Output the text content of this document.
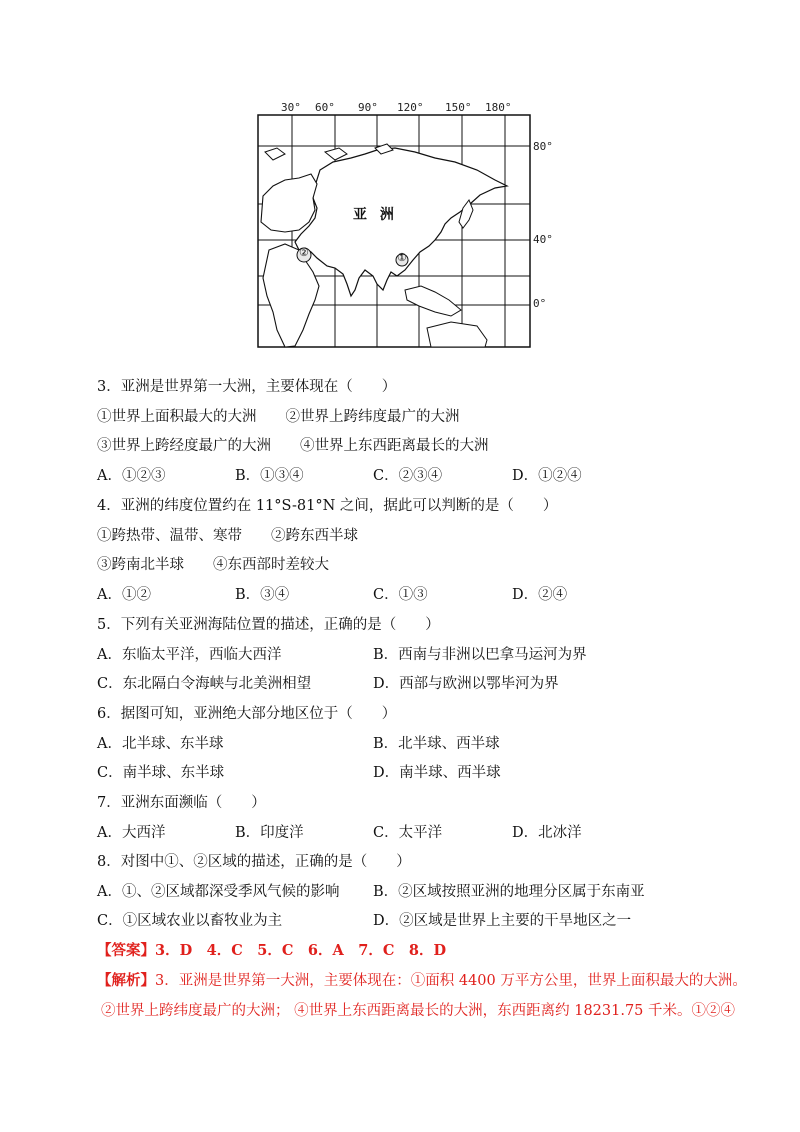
30° 60° 90° 120° 150° 180°
80°
40°
0°
亚 洲
①
②
3．亚洲是世界第一大洲，主要体现在（　　）
①世界上面积最大的大洲　　②世界上跨纬度最广的大洲
③世界上跨经度最广的大洲　　④世界上东西距离最长的大洲
A．①②③	B．①③④	C．②③④	D．①②④
4．亚洲的纬度位置约在 11°S-81°N 之间，据此可以判断的是（　　）
①跨热带、温带、寒带　　②跨东西半球
③跨南北半球　　④东西部时差较大
A．①②	B．③④	C．①③	D．②④
5．下列有关亚洲海陆位置的描述，正确的是（　　）
A．东临太平洋，西临大西洋	B．西南与非洲以巴拿马运河为界
C．东北隔白令海峡与北美洲相望	D．西部与欧洲以鄂毕河为界
6．据图可知，亚洲绝大部分地区位于（　　）
A．北半球、东半球	B．北半球、西半球
C．南半球、东半球	D．南半球、西半球
7．亚洲东面濒临（　　）
A．大西洋	B．印度洋	C．太平洋	D．北冰洋
8．对图中①、②区域的描述，正确的是（　　）
A．①、②区域都深受季风气候的影响 B．②区域按照亚洲的地理分区属于东南亚
C．①区域农业以畜牧业为主	D．②区域是世界上主要的干旱地区之一
【答案】3．D　4．C　5．C　6．A　7．C　8．D
【解析】3．亚洲是世界第一大洲，主要体现在：①面积 4400 万平方公里，世界上面积最大的大洲。
②世界上跨纬度最广的大洲； ④世界上东西距离最长的大洲，东西距离约 18231.75 千米。①②④
